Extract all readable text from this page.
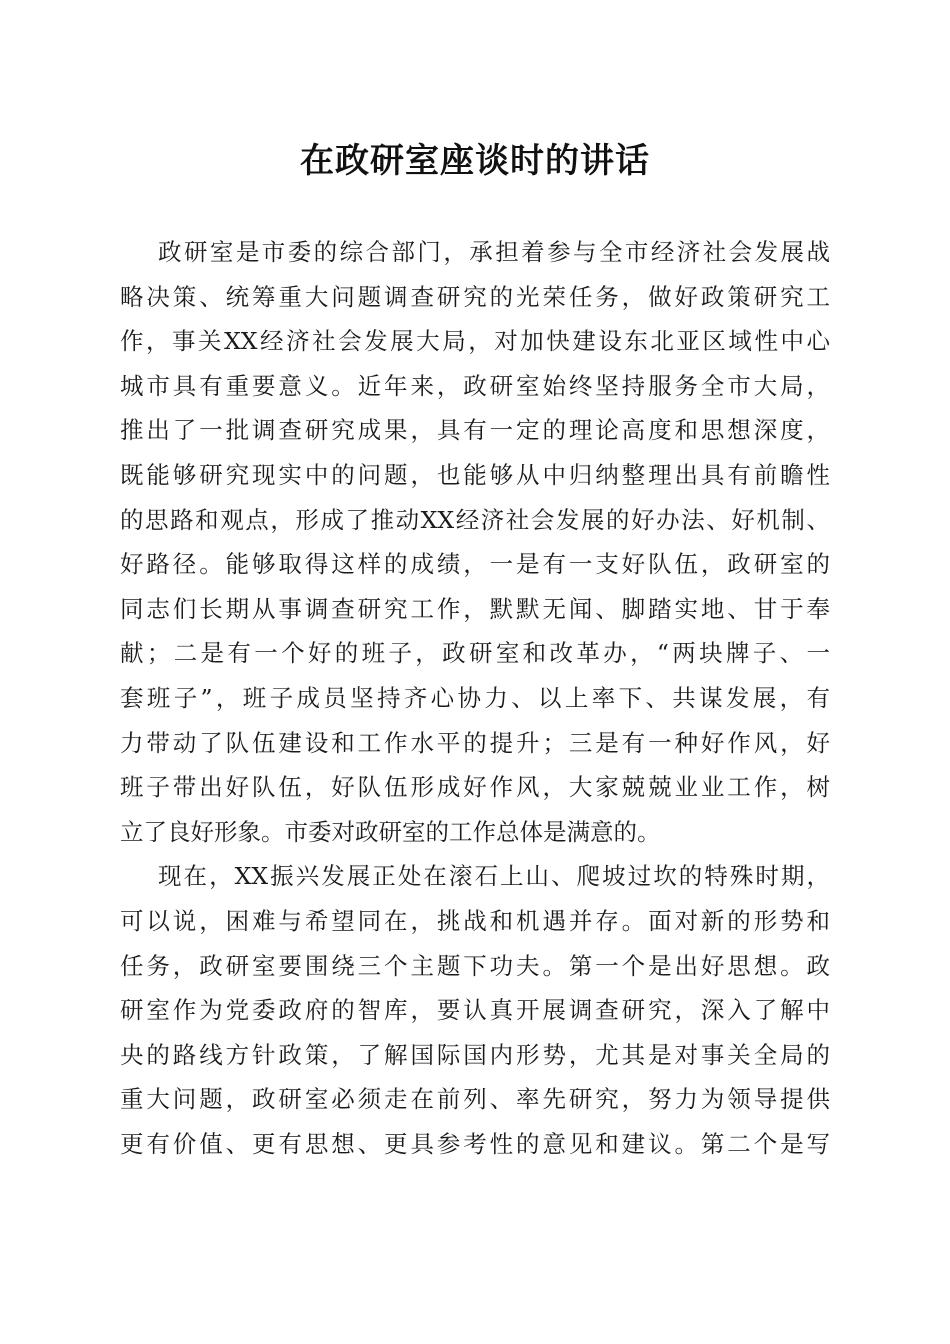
在政研室座谈时的讲话
政研室是市委的综合部门，承担着参与全市经济社会发展战
略决策、统筹重大问题调查研究的光荣任务，做好政策研究工
作，事关XX经济社会发展大局，对加快建设东北亚区域性中心
城市具有重要意义。近年来，政研室始终坚持服务全市大局，
推出了一批调查研究成果，具有一定的理论高度和思想深度，
既能够研究现实中的问题，也能够从中归纳整理出具有前瞻性
的思路和观点，形成了推动XX经济社会发展的好办法、好机制、
好路径。能够取得这样的成绩，一是有一支好队伍，政研室的
同志们长期从事调查研究工作，默默无闻、脚踏实地、甘于奉
献；二是有一个好的班子，政研室和改革办，“两块牌子、一
套班子”，班子成员坚持齐心协力、以上率下、共谋发展，有
力带动了队伍建设和工作水平的提升；三是有一种好作风，好
班子带出好队伍，好队伍形成好作风，大家兢兢业业工作，树
立了良好形象。市委对政研室的工作总体是满意的。
现在，XX振兴发展正处在滚石上山、爬坡过坎的特殊时期，
可以说，困难与希望同在，挑战和机遇并存。面对新的形势和
任务，政研室要围绕三个主题下功夫。第一个是出好思想。政
研室作为党委政府的智库，要认真开展调查研究，深入了解中
央的路线方针政策，了解国际国内形势，尤其是对事关全局的
重大问题，政研室必须走在前列、率先研究，努力为领导提供
更有价值、更有思想、更具参考性的意见和建议。第二个是写
